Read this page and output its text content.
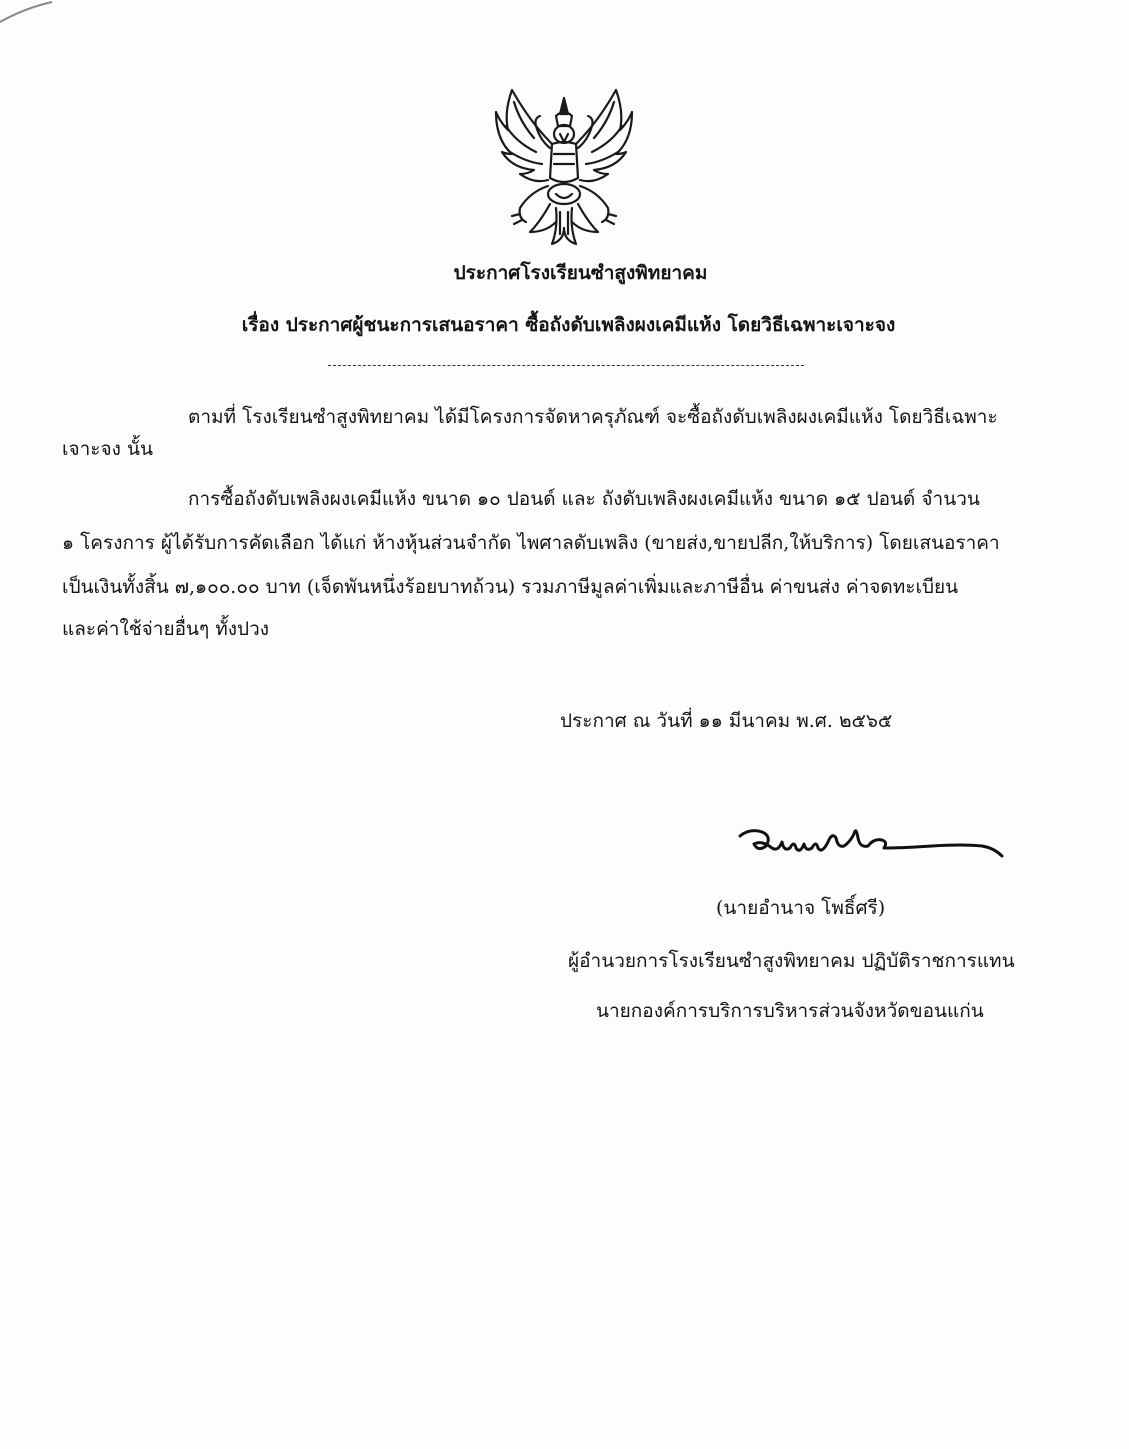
ประกาศโรงเรียนซำสูงพิทยาคม
เรื่อง ประกาศผู้ชนะการเสนอราคา ซื้อถังดับเพลิงผงเคมีแห้ง โดยวิธีเฉพาะเจาะจง
ตามที่ โรงเรียนซำสูงพิทยาคม ได้มีโครงการจัดหาครุภัณฑ์ จะซื้อถังดับเพลิงผงเคมีแห้ง โดยวิธีเฉพาะ
เจาะจง นั้น
การซื้อถังดับเพลิงผงเคมีแห้ง ขนาด ๑๐ ปอนด์ และ ถังดับเพลิงผงเคมีแห้ง ขนาด ๑๕ ปอนด์ จำนวน
๑ โครงการ ผู้ได้รับการคัดเลือก ได้แก่ ห้างหุ้นส่วนจำกัด ไพศาลดับเพลิง (ขายส่ง,ขายปลีก,ให้บริการ) โดยเสนอราคา
เป็นเงินทั้งสิ้น ๗,๑๐๐.๐๐ บาท (เจ็ดพันหนึ่งร้อยบาทถ้วน) รวมภาษีมูลค่าเพิ่มและภาษีอื่น ค่าขนส่ง ค่าจดทะเบียน
และค่าใช้จ่ายอื่นๆ ทั้งปวง
ประกาศ ณ วันที่ ๑๑ มีนาคม พ.ศ. ๒๕๖๕
(นายอำนาจ โพธิ์ศรี)
ผู้อำนวยการโรงเรียนซำสูงพิทยาคม ปฏิบัติราชการแทน
นายกองค์การบริการบริหารส่วนจังหวัดขอนแก่น
